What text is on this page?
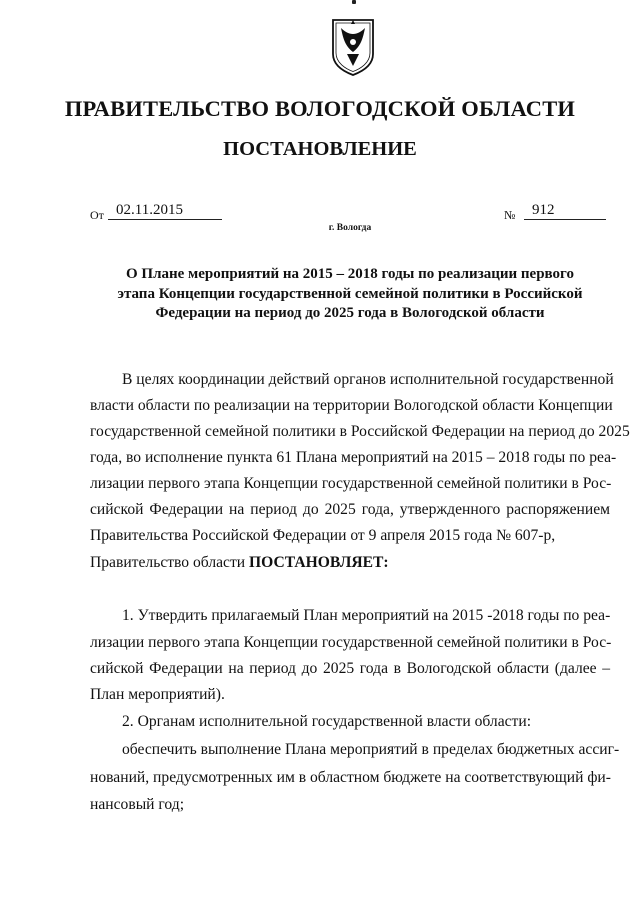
ПРАВИТЕЛЬСТВО ВОЛОГОДСКОЙ ОБЛАСТИ
ПОСТАНОВЛЕНИЕ
От 02.11.2015	№	912
г. Вологда
О Плане мероприятий на 2015 – 2018 годы по реализации первого
этапа Концепции государственной семейной политики в Российской
Федерации на период до 2025 года в Вологодской области
В целях координации действий органов исполнительной государственной
власти области по реализации на территории Вологодской области Концепции
государственной семейной политики в Российской Федерации на период до 2025
года, во исполнение пункта 61 Плана мероприятий на 2015 – 2018 годы по реа-
лизации первого этапа Концепции государственной семейной политики в Рос-
сийской Федерации на период до 2025 года, утвержденного распоряжением
Правительства Российской Федерации от 9 апреля 2015 года № 607-р,
Правительство области ПОСТАНОВЛЯЕТ:
1. Утвердить прилагаемый План мероприятий на 2015 -2018 годы по реа-
лизации первого этапа Концепции государственной семейной политики в Рос-
сийской Федерации на период до 2025 года в Вологодской области (далее –
План мероприятий).
2. Органам исполнительной государственной власти области:
обеспечить выполнение Плана мероприятий в пределах бюджетных ассиг-
нований, предусмотренных им в областном бюджете на соответствующий фи-
нансовый год;
